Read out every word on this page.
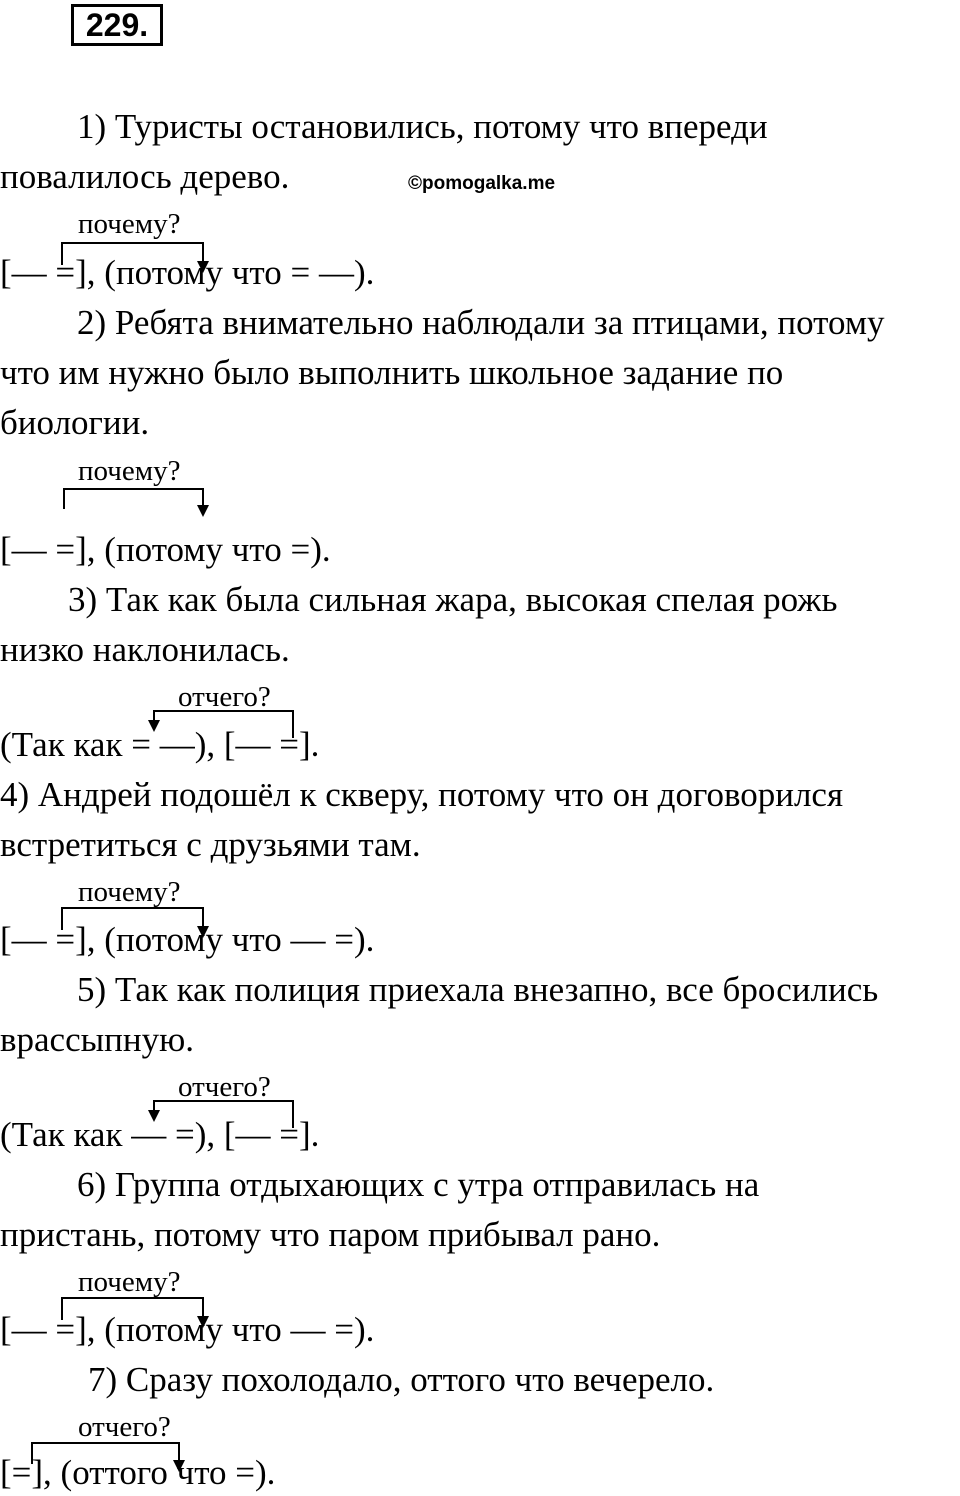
229.
©pomogalka.me
1) Туристы остановились, потому что впереди
повалилось дерево.
почему?
[— =], (потому что = —).
2) Ребята внимательно наблюдали за птицами, потому
что им нужно было выполнить школьное задание по
биологии.
почему?
[— =], (потому что =).
3) Так как была сильная жара, высокая спелая рожь
низко наклонилась.
отчего?
(Так как = —), [— =].
4) Андрей подошёл к скверу, потому что он договорился
встретиться с друзьями там.
почему?
[— =], (потому что — =).
5) Так как полиция приехала внезапно, все бросились
врассыпную.
отчего?
(Так как — =), [— =].
6) Группа отдыхающих с утра отправилась на
пристань, потому что паром прибывал рано.
почему?
[— =], (потому что — =).
7) Сразу похолодало, оттого что вечерело.
отчего?
[=], (оттого что =).
